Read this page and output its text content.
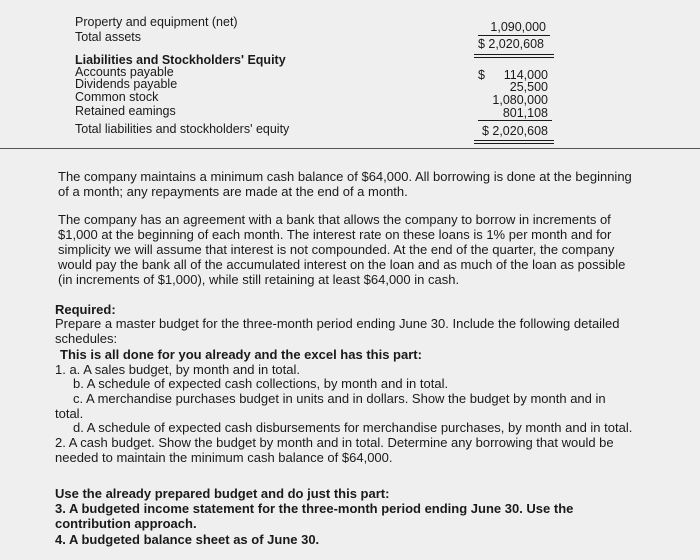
Property and equipment (net)	1,090,000
Total assets	$ 2,020,608
Liabilities and Stockholders' Equity
Accounts payable	$ 114,000
Dividends payable	25,500
Common stock	1,080,000
Retained eamings	801,108
Total liabilities and stockholders' equity	$ 2,020,608
The company maintains a minimum cash balance of $64,000. All borrowing is done at the beginning
of a month; any repayments are made at the end of a month.
The company has an agreement with a bank that allows the company to borrow in increments of
$1,000 at the beginning of each month. The interest rate on these loans is 1% per month and for
simplicity we will assume that interest is not compounded. At the end of the quarter, the company
would pay the bank all of the accumulated interest on the loan and as much of the loan as possible
(in increments of $1,000), while still retaining at least $64,000 in cash.
Required:
Prepare a master budget for the three-month period ending June 30. Include the following detailed
schedules:
This is all done for you already and the excel has this part:
1. a. A sales budget, by month and in total.
b. A schedule of expected cash collections, by month and in total.
c. A merchandise purchases budget in units and in dollars. Show the budget by month and in
total.
d. A schedule of expected cash disbursements for merchandise purchases, by month and in total.
2. A cash budget. Show the budget by month and in total. Determine any borrowing that would be
needed to maintain the minimum cash balance of $64,000.
Use the already prepared budget and do just this part:
3. A budgeted income statement for the three-month period ending June 30. Use the
contribution approach.
4. A budgeted balance sheet as of June 30.
